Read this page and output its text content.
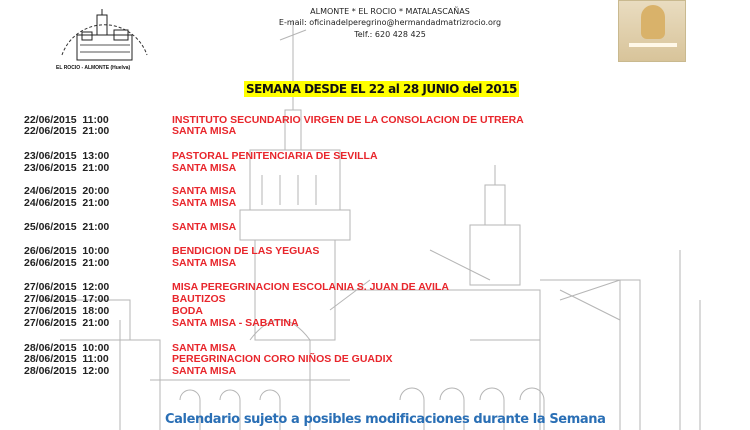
EL ROCIO - ALMONTE (Huelva)
ALMONTE * EL ROCIO * MATALASCAÑAS
E-mail: oficinadelperegrino@hermandadmatrizrocio.org
Telf.: 620 428 425
SEMANA DESDE EL 22 al 28 JUNIO del 2015
22/06/2015 11:00	INSTITUTO SECUNDARIO VIRGEN DE LA CONSOLACION DE UTRERA
22/06/2015 21:00	SANTA MISA
23/06/2015 13:00	PASTORAL PENITENCIARIA DE SEVILLA
23/06/2015 21:00	SANTA MISA
24/06/2015 20:00	SANTA MISA
24/06/2015 21:00	SANTA MISA
25/06/2015 21:00	SANTA MISA
26/06/2015 10:00	BENDICION DE LAS YEGUAS
26/06/2015 21:00	SANTA MISA
27/06/2015 12:00	MISA PEREGRINACION ESCOLANIA S. JUAN DE AVILA
27/06/2015 17:00	BAUTIZOS
27/06/2015 18:00	BODA
27/06/2015 21:00	SANTA MISA - SABATINA
28/06/2015 10:00	SANTA MISA
28/06/2015 11:00	PEREGRINACION CORO NIÑOS DE GUADIX
28/06/2015 12:00	SANTA MISA
Calendario sujeto a posibles modificaciones durante la Semana
